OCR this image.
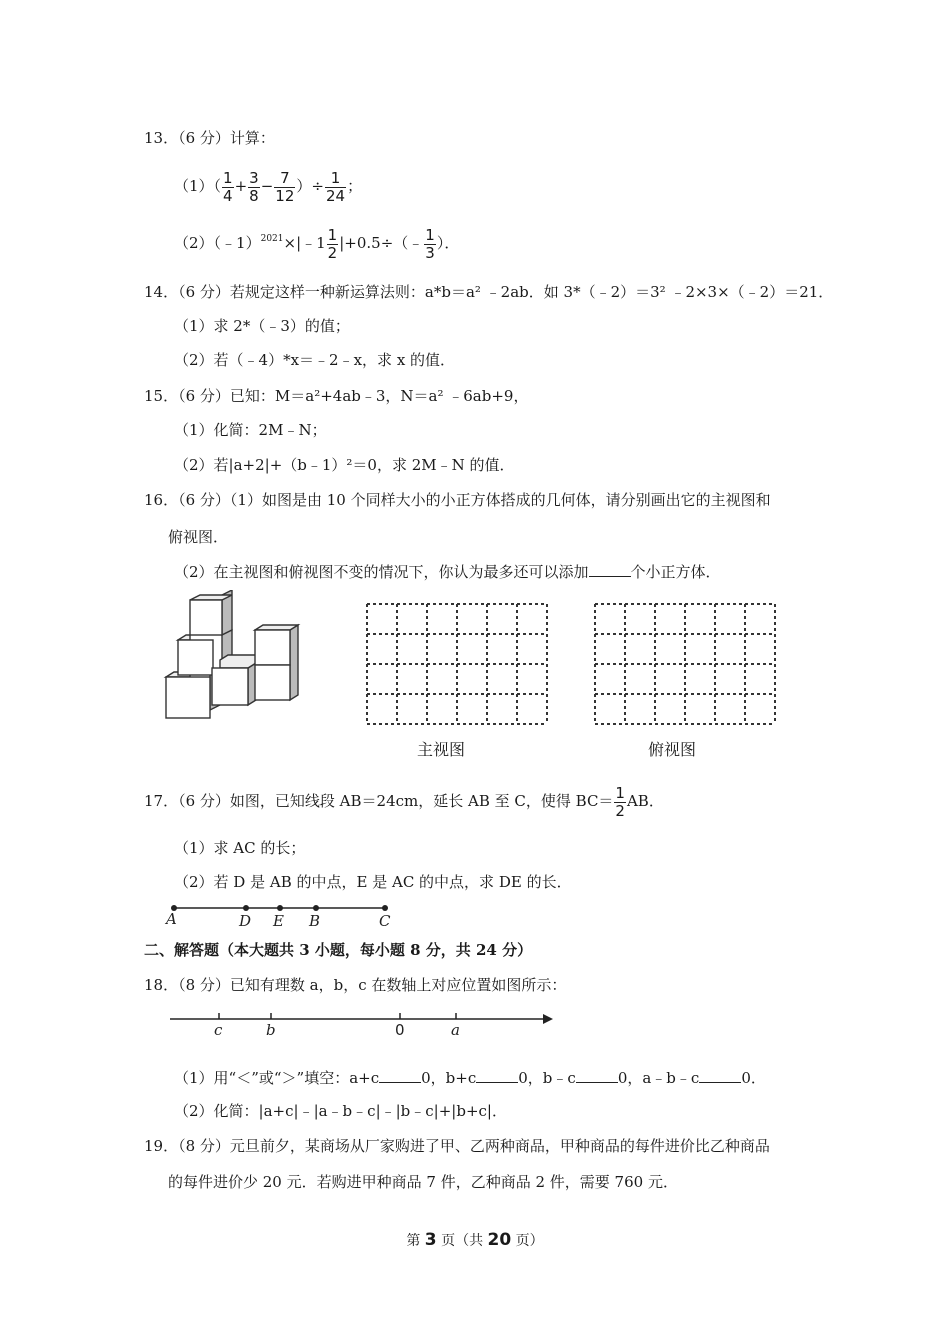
13．（6 分）计算：
$(1)( \frac{1}{4} + \frac{3}{8} - \frac{7}{12}$ ）÷ $\frac{1}{24}$ ；
（2）（﹣1）$^{2021}$×|﹣1 $\frac{1}{2}$ |+0.5÷（﹣ $\frac{1}{3}$ ）．
14．（6 分）若规定这样一种新运算法则：a*b＝a² ﹣2ab．如 3*（﹣2）＝3² ﹣2×3×（﹣2）＝21．
（1）求 2*（﹣3）的值；
（2）若（﹣4）*x＝﹣2﹣x，求 x 的值．
15．（6 分）已知：M＝a²+4ab﹣3，N＝a² ﹣6ab+9，
（1）化简：2M﹣N；
（2）若|a+2|+（b﹣1）²＝0，求 2M﹣N 的值．
16．（6 分）（1）如图是由 10 个同样大小的小正方体搭成的几何体，请分别画出它的主视图和
俯视图．
（2）在主视图和俯视图不变的情况下，你认为最多还可以添加	个小正方体．
主视图	俯视图
17．（6 分）如图，已知线段 AB＝24cm，延长 AB 至 C，使得 $BC= \frac{1}{2}$ AB．
（1）求 AC 的长；
（2）若 D 是 AB 的中点，E 是 AC 的中点，求 DE 的长．
A	D E B	C
二、解答题（本大题共 3 小题，每小题 8 分，共 24 分）
18．（8 分）已知有理数 a，b，c 在数轴上对应位置如图所示：
c	b	0	a
（1）用“＜”或“＞”填空：a+c	0，b+c	0，b﹣c	0，a﹣b﹣c	0．
（2）化简：|a+c|﹣|a﹣b﹣c|﹣|b﹣c|+|b+c|．
19．（8 分）元旦前夕，某商场从厂家购进了甲、乙两种商品，甲种商品的每件进价比乙种商品
的每件进价少 20 元．若购进甲种商品 7 件，乙种商品 2 件，需要 760 元．
第 3 页（共 20 页）
